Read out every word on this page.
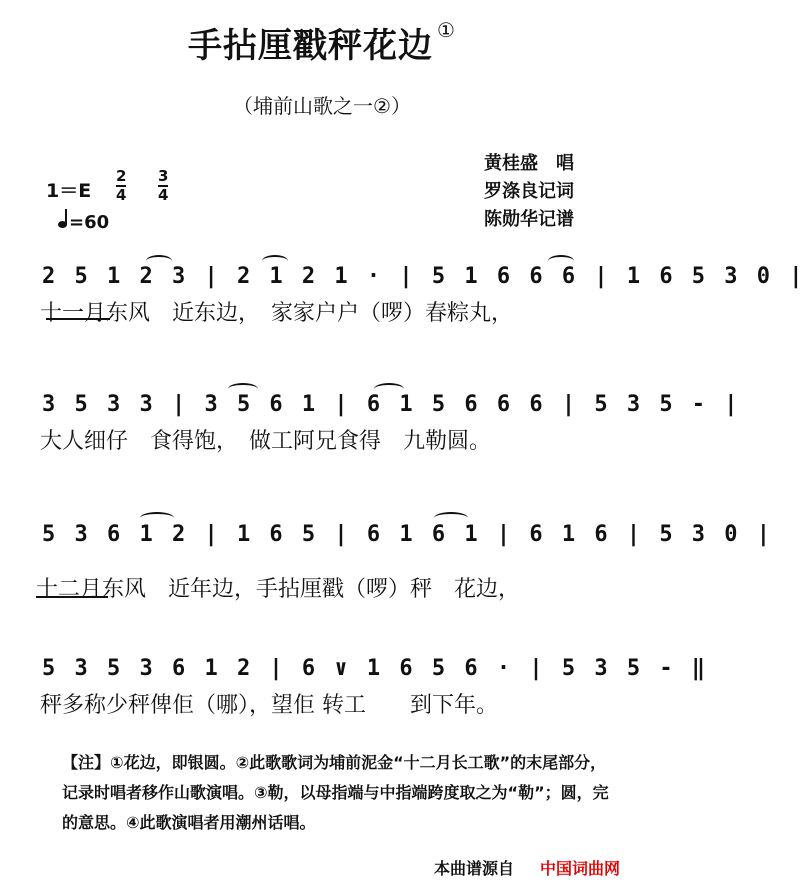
手拈厘戳秤花边 ①
（埔前山歌之一②）
黄桂盛　唱
罗涤良记词
陈勋华记谱
1＝E
2
4
3
4
=60
2 5 1 2 3 | 2 1 2 1 · | 5 1 6 6 6 | 1 6 5 3 0 |
十一月东风　近东边，　家家户户（啰）春粽丸，
3 5 3 3 | 3 5 6 1 | 6 1 5 6 6 6 | 5 3 5 - |
大人细仔　食得饱，　做工阿兄食得　九勒圆。
5 3 6 1 2 | 1 6 5 | 6 1 6 1 | 6 1 6 | 5 3 0 |
十二月东风　近年边，手拈厘戳（啰）秤　花边，
5 3 5 3 6 1 2 | 6 ∨ 1 6 5 6 · | 5 3 5 - ‖
秤多称少秤俾佢（哪），望佢 转工　　到下年。
【注】①花边，即银圆。②此歌歌词为埔前泥金“十二月长工歌”的末尾部分，记录时唱者移作山歌演唱。③勒，以母指端与中指端跨度取之为“勒”；圆，完的意思。④此歌演唱者用潮州话唱。
本曲谱源自 中国词曲网
